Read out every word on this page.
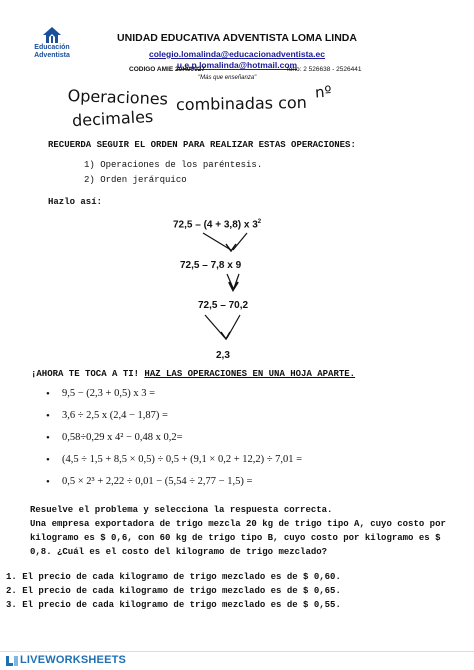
Educación
Adventista
UNIDAD EDUCATIVA ADVENTISTA LOMA LINDA
colegio.lomalinda@educacionadventista.ec
u.e.p.lomalinda@hotmail.com
CODIGO AMIE 20H00027	fono: 2 526638 - 2526441
"Más que enseñanza"
Operaciones combinadas con
nº
decimales
RECUERDA SEGUIR EL ORDEN PARA REALIZAR ESTAS OPERACIONES:
1) Operaciones de los paréntesis.
2) Orden jerárquico
Hazlo así:
72,5 – (4 + 3,8) x $3^2$
72,5 – 7,8 x 9
72,5 – 70,2
2,3
¡AHORA TE TOCA A TI! HAZ LAS OPERACIONES EN UNA HOJA APARTE.
• 9,5 − (2,3 + 0,5) x 3 =
• 3,6 ÷ 2,5 x (2,4 − 1,87) =
• 0,58÷0,29 x 4² − 0,48 x 0,2=
• (4,5 ÷ 1,5 + 8,5 × 0,5) ÷ 0,5 + (9,1 × 0,2 + 12,2) ÷ 7,01 =
• 0,5 × 2³ + 2,22 ÷ 0,01 − (5,54 ÷ 2,77 − 1,5) =

Resuelve el problema y selecciona la respuesta correcta.

Una empresa exportadora de trigo mezcla 20 kg de trigo tipo A, cuyo costo por kilogramo es $ 0,6, con 60 kg de trigo tipo B, cuyo costo por kilogramo es $ 0,8. ¿Cuál es el costo del kilogramo de trigo mezclado?

1. El precio de cada kilogramo de trigo mezclado es de $ 0,60.
2. El precio de cada kilogramo de trigo mezclado es de $ 0,65.
3. El precio de cada kilogramo de trigo mezclado es de $ 0,55.
LIVEWORKSHEETS
